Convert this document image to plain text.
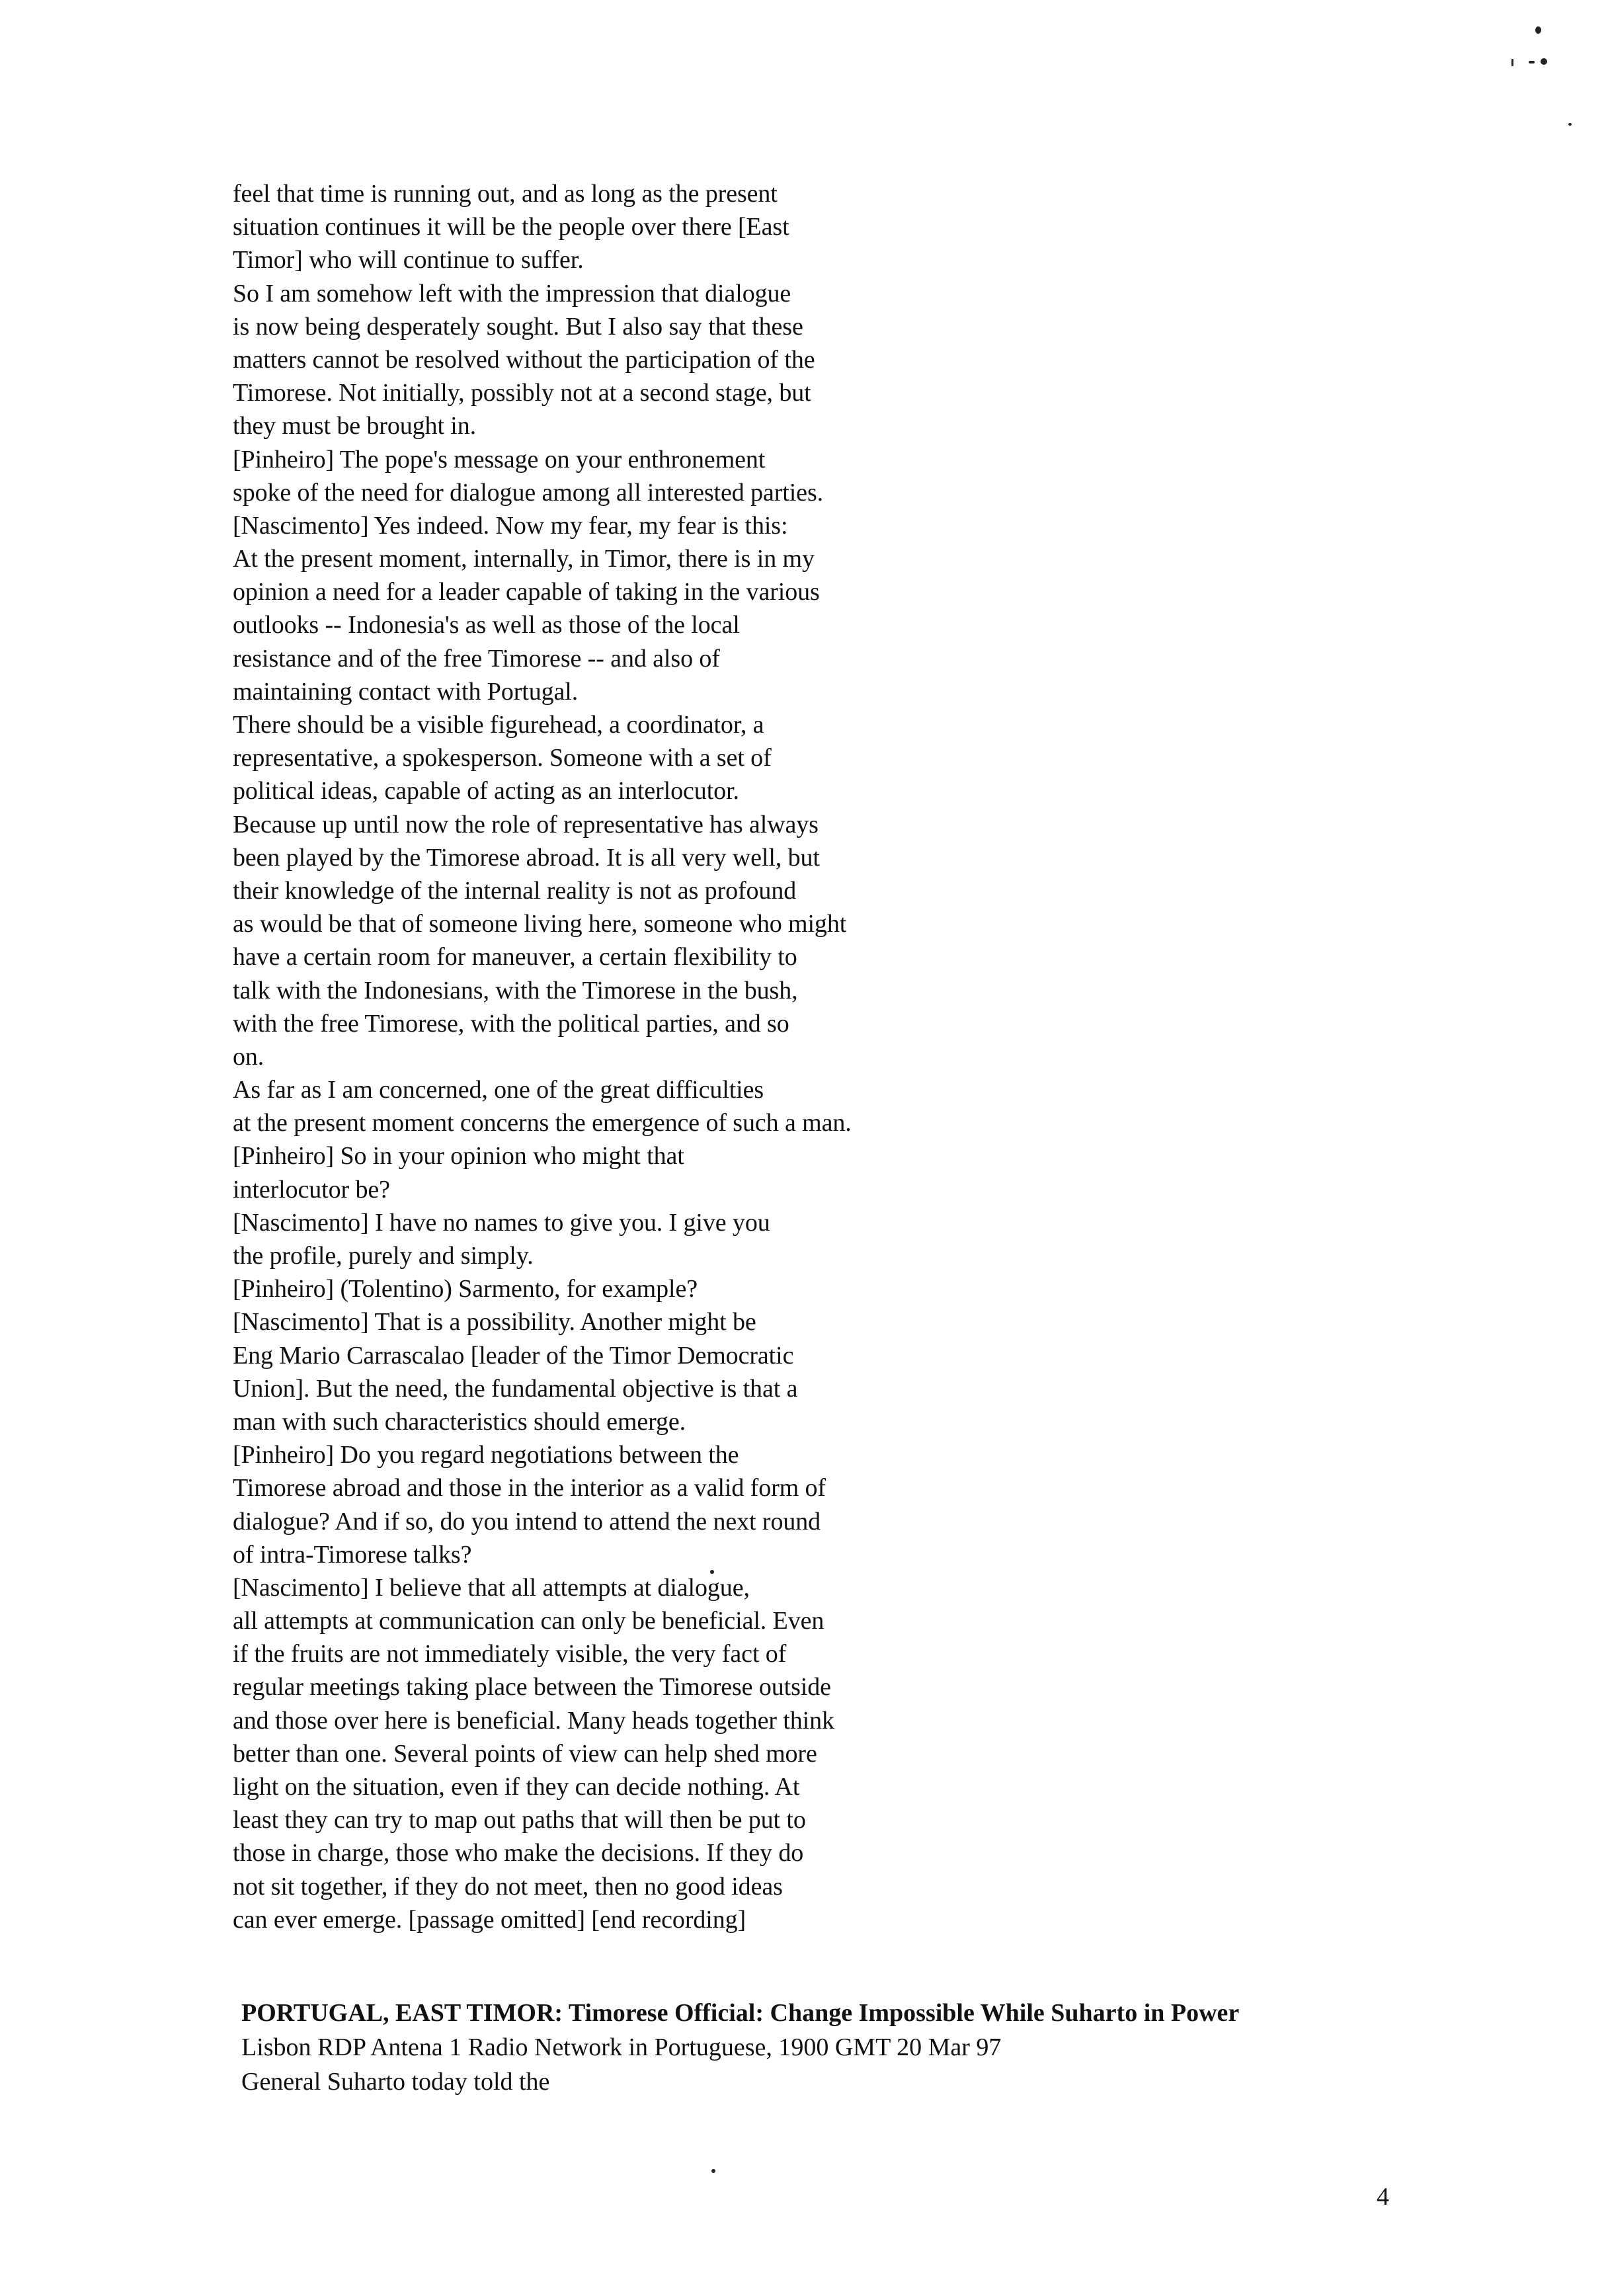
feel that time is running out, and as long as the present
situation continues it will be the people over there [East
Timor] who will continue to suffer.
So I am somehow left with the impression that dialogue
is now being desperately sought. But I also say that these
matters cannot be resolved without the participation of the
Timorese. Not initially, possibly not at a second stage, but
they must be brought in.
[Pinheiro] The pope's message on your enthronement
spoke of the need for dialogue among all interested parties.
[Nascimento] Yes indeed. Now my fear, my fear is this:
At the present moment, internally, in Timor, there is in my
opinion a need for a leader capable of taking in the various
outlooks -- Indonesia's as well as those of the local
resistance and of the free Timorese -- and also of
maintaining contact with Portugal.
There should be a visible figurehead, a coordinator, a
representative, a spokesperson. Someone with a set of
political ideas, capable of acting as an interlocutor.
Because up until now the role of representative has always
been played by the Timorese abroad. It is all very well, but
their knowledge of the internal reality is not as profound
as would be that of someone living here, someone who might
have a certain room for maneuver, a certain flexibility to
talk with the Indonesians, with the Timorese in the bush,
with the free Timorese, with the political parties, and so
on.
As far as I am concerned, one of the great difficulties
at the present moment concerns the emergence of such a man.
[Pinheiro] So in your opinion who might that
interlocutor be?
[Nascimento] I have no names to give you. I give you
the profile, purely and simply.
[Pinheiro] (Tolentino) Sarmento, for example?
[Nascimento] That is a possibility. Another might be
Eng Mario Carrascalao [leader of the Timor Democratic
Union]. But the need, the fundamental objective is that a
man with such characteristics should emerge.
[Pinheiro] Do you regard negotiations between the
Timorese abroad and those in the interior as a valid form of
dialogue? And if so, do you intend to attend the next round
of intra-Timorese talks?
[Nascimento] I believe that all attempts at dialogue,
all attempts at communication can only be beneficial. Even
if the fruits are not immediately visible, the very fact of
regular meetings taking place between the Timorese outside
and those over here is beneficial. Many heads together think
better than one. Several points of view can help shed more
light on the situation, even if they can decide nothing. At
least they can try to map out paths that will then be put to
those in charge, those who make the decisions. If they do
not sit together, if they do not meet, then no good ideas
can ever emerge. [passage omitted] [end recording]
PORTUGAL, EAST TIMOR: Timorese Official: Change Impossible While Suharto in Power
Lisbon RDP Antena 1 Radio Network in Portuguese, 1900 GMT 20 Mar 97
General Suharto today told the
4
